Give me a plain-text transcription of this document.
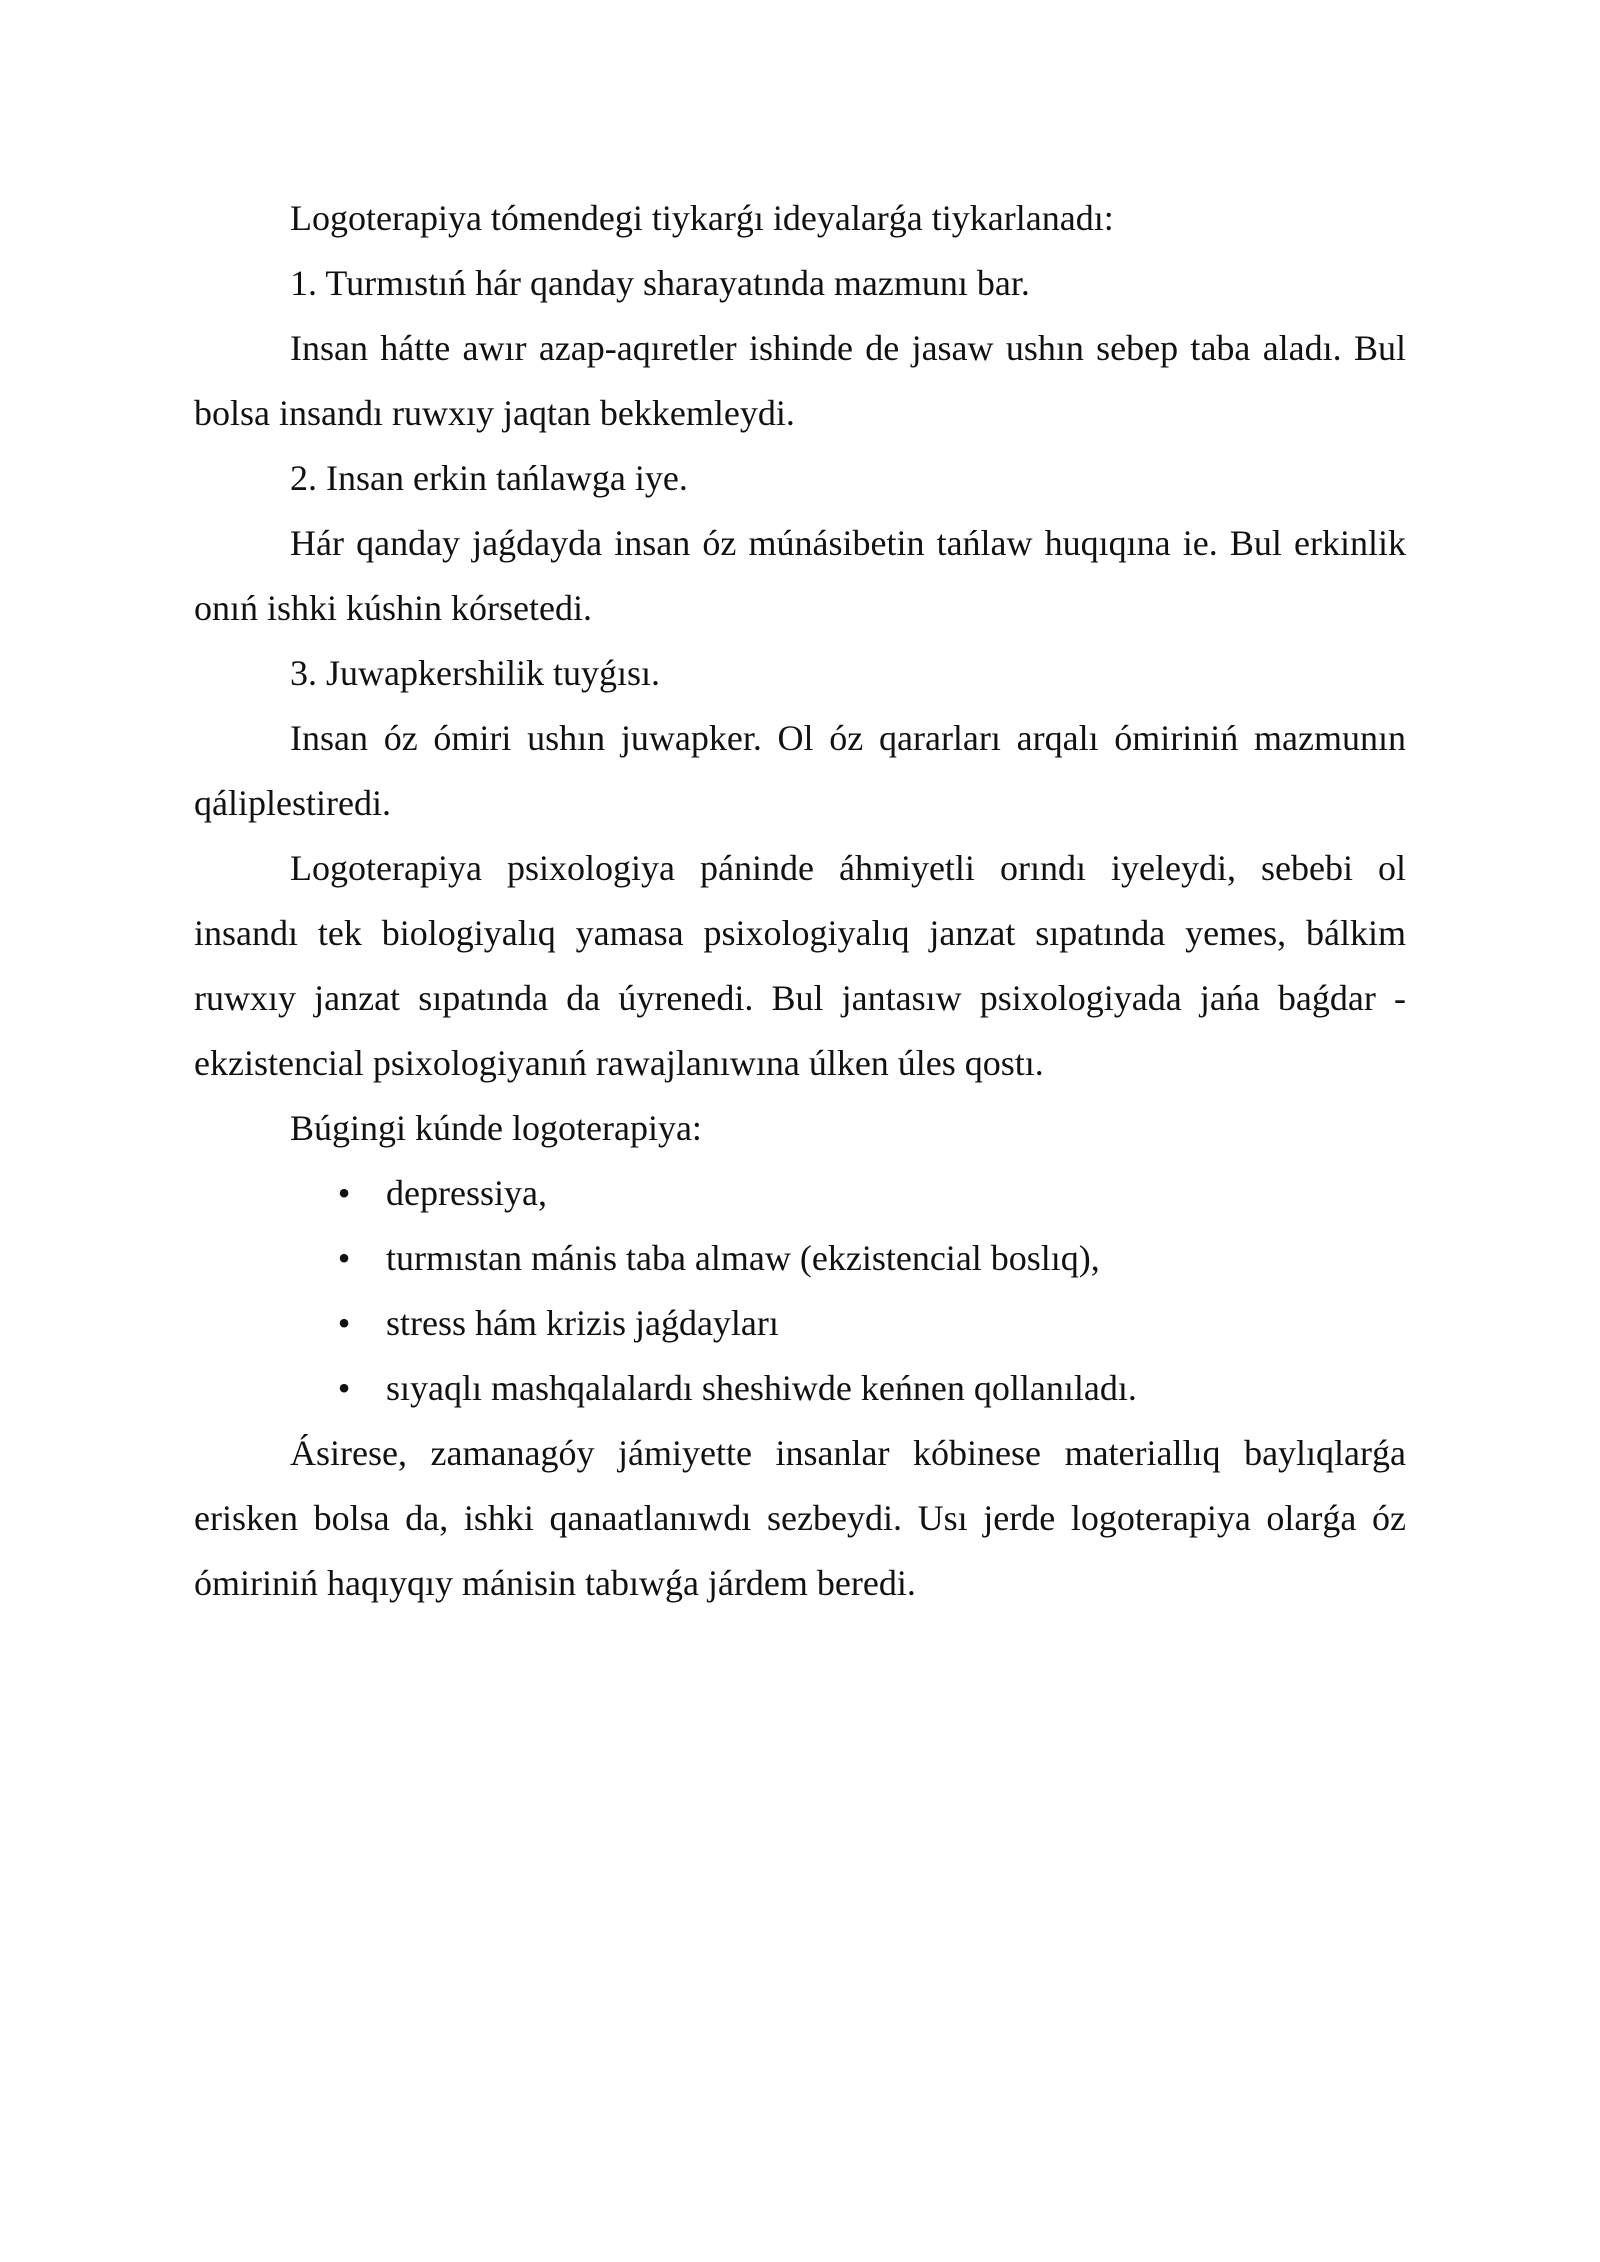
Logoterapiya tómendegi tiykarǵı ideyalarǵa tiykarlanadı:

1. Turmıstıń hár qanday sharayatında mazmunı bar.

Insan hátte awır azap-aqıretler ishinde de jasaw ushın sebep taba aladı. Bul bolsa insandı ruwxıy jaqtan bekkemleydi.

2. Insan erkin tańlawga iye.

Hár qanday jaǵdayda insan óz múnásibetin tańlaw huqıqına ie. Bul erkinlik onıń ishki kúshin kórsetedi.

3. Juwapkershilik tuyǵısı.

Insan óz ómiri ushın juwapker. Ol óz qararları arqalı ómiriniń mazmunın qáliplestiredi.

Logoterapiya psixologiya páninde áhmiyetli orındı iyeleydi, sebebi ol insandı tek biologiyalıq yamasa psixologiyalıq janzat sıpatında yemes, bálkim ruwxıy janzat sıpatında da úyrenedi. Bul jantasıw psixologiyada jańa baǵdar - ekzistencial psixologiyanıń rawajlanıwına úlken úles qostı.

Búgingi kúnde logoterapiya:

• depressiya,
• turmıstan mánis taba almaw (ekzistencial boslıq),
• stress hám krizis jaǵdayları
• sıyaqlı mashqalalardı sheshiwde keńnen qollanıladı.

Ásirese, zamanagóy jámiyette insanlar kóbinese materiallıq baylıqlarǵa erisken bolsa da, ishki qanaatlanıwdı sezbeydi. Usı jerde logoterapiya olarǵa óz ómiriniń haqıyqıy mánisin tabıwǵa járdem beredi.
